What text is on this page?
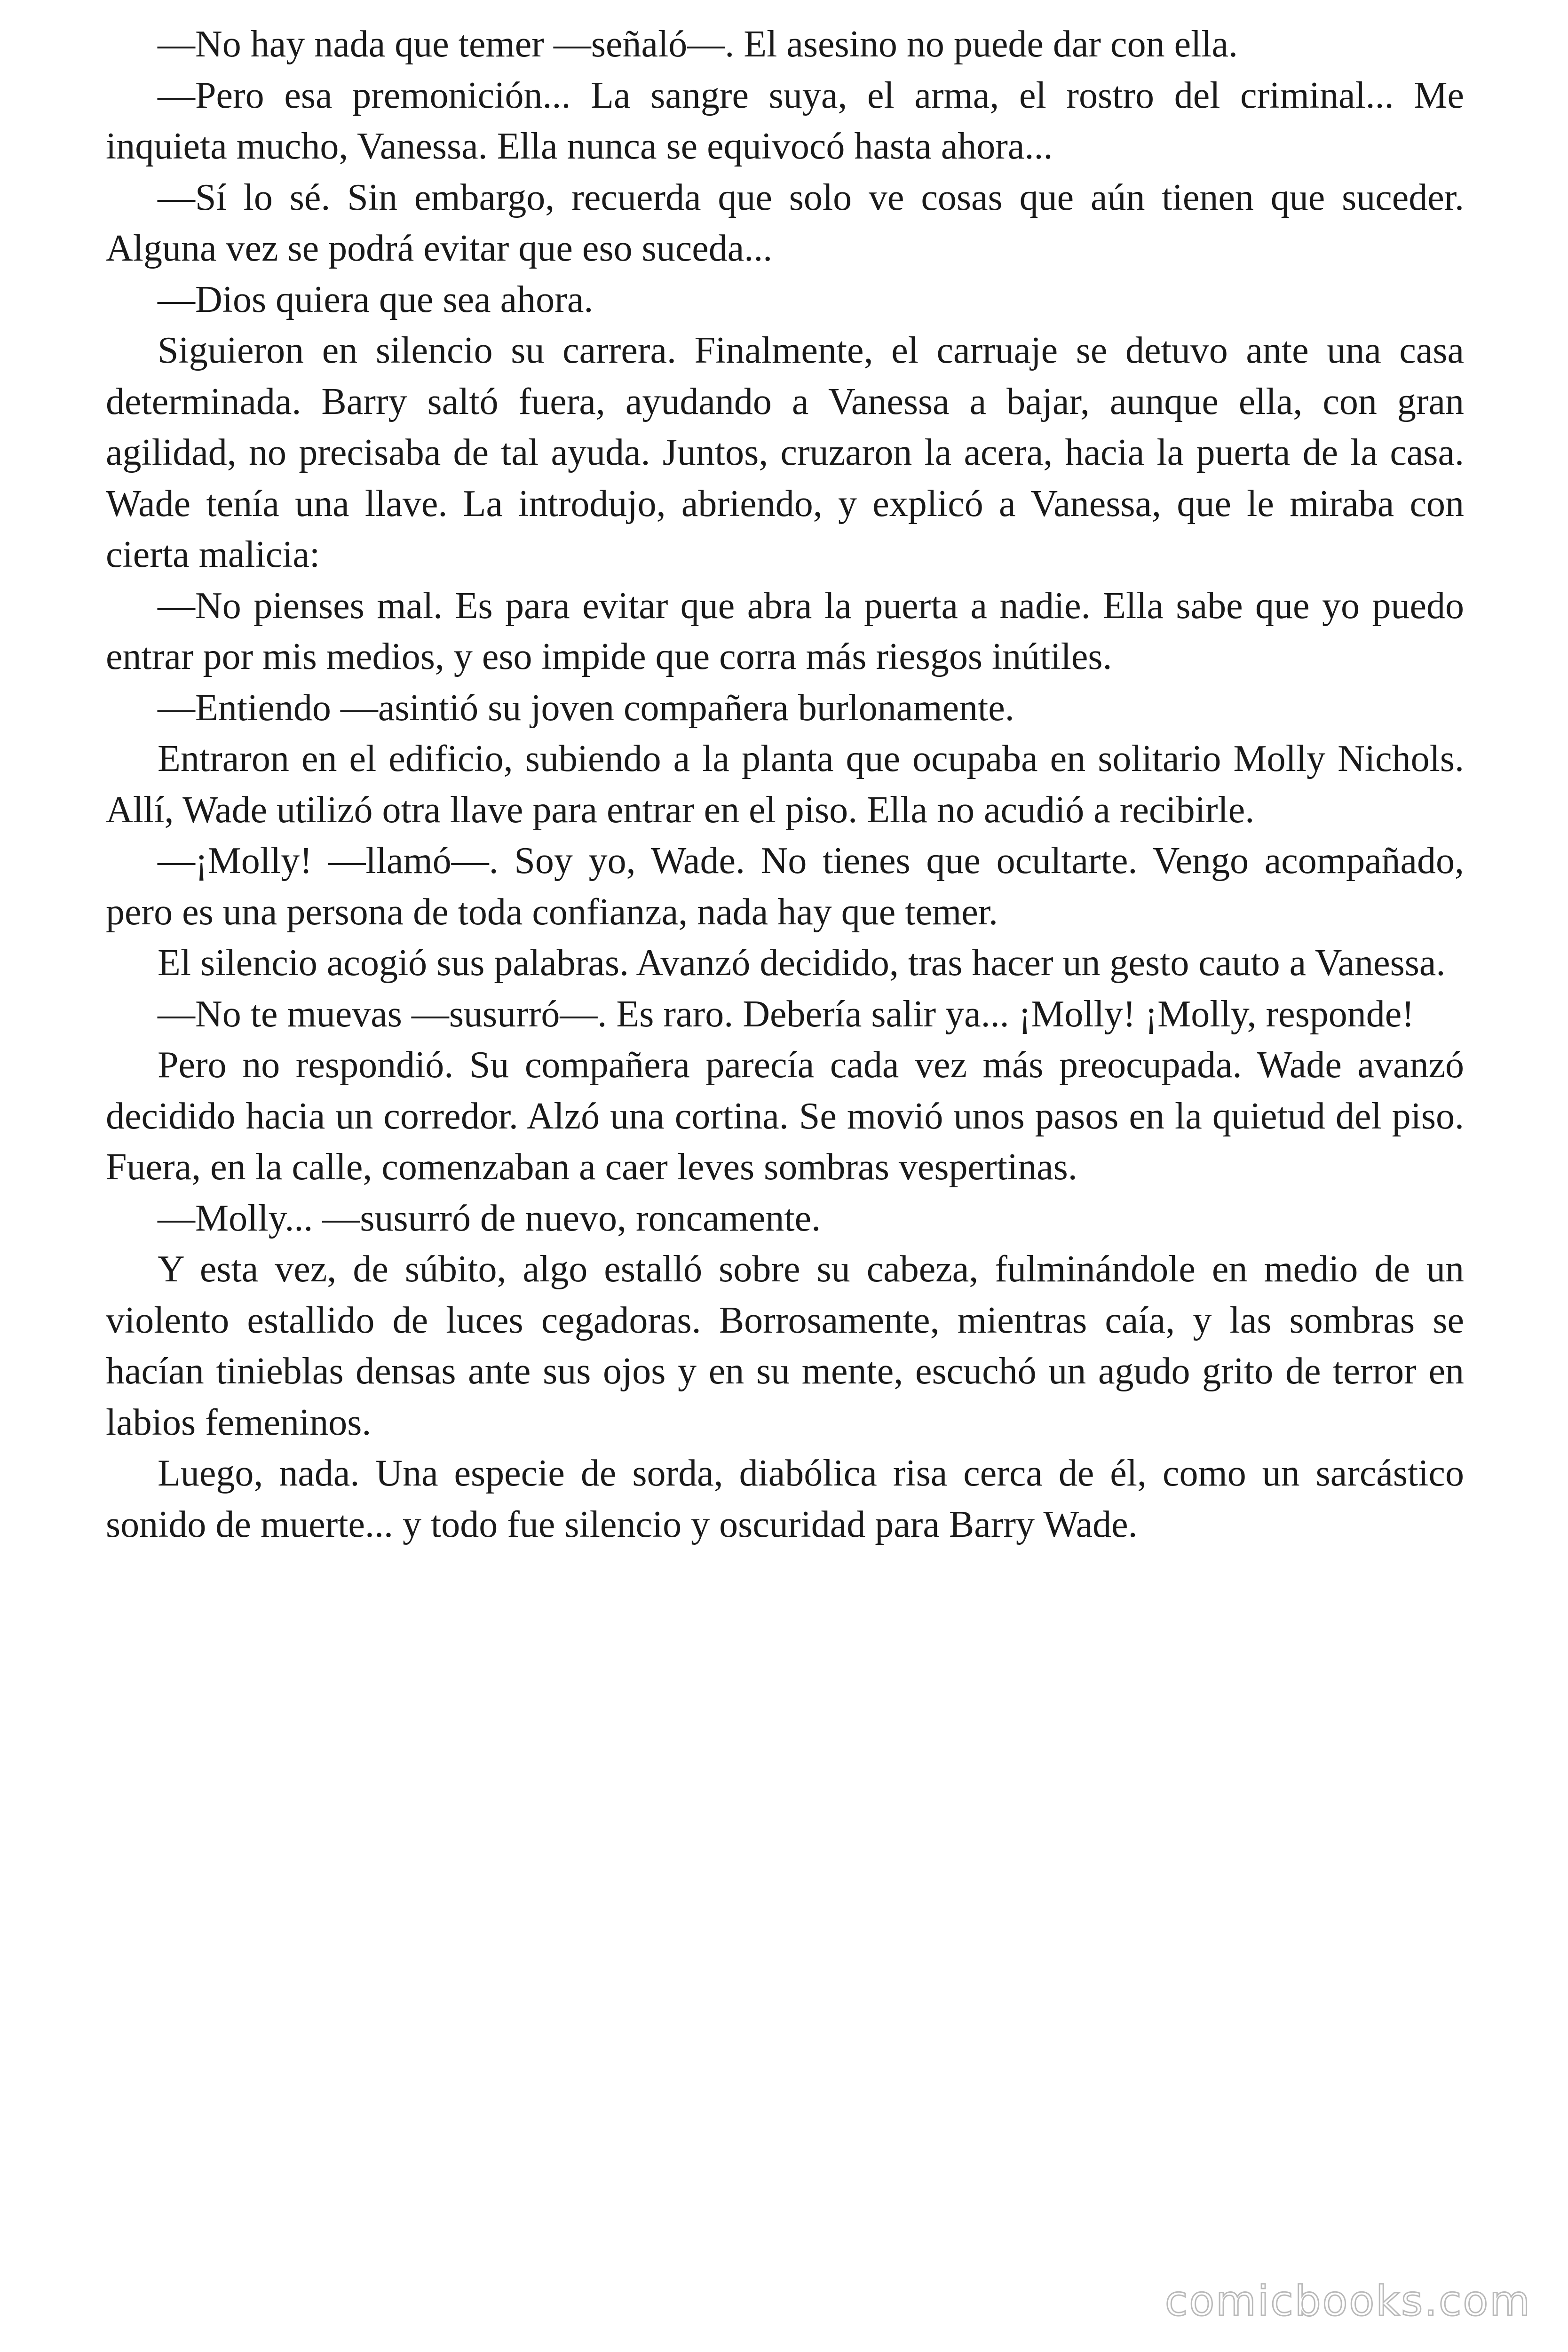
—No hay nada que temer —señaló—. El asesino no puede dar con ella.

—Pero esa premonición... La sangre suya, el arma, el rostro del criminal... Me inquieta mucho, Vanessa. Ella nunca se equivocó hasta ahora...

—Sí lo sé. Sin embargo, recuerda que solo ve cosas que aún tienen que suceder. Alguna vez se podrá evitar que eso suceda...

—Dios quiera que sea ahora.

Siguieron en silencio su carrera. Finalmente, el carruaje se detuvo ante una casa determinada. Barry saltó fuera, ayudando a Vanessa a bajar, aunque ella, con gran agilidad, no precisaba de tal ayuda. Juntos, cruzaron la acera, hacia la puerta de la casa. Wade tenía una llave. La introdujo, abriendo, y explicó a Vanessa, que le miraba con cierta malicia:

—No pienses mal. Es para evitar que abra la puerta a nadie. Ella sabe que yo puedo entrar por mis medios, y eso impide que corra más riesgos inútiles.

—Entiendo —asintió su joven compañera burlonamente.

Entraron en el edificio, subiendo a la planta que ocupaba en solitario Molly Nichols. Allí, Wade utilizó otra llave para entrar en el piso. Ella no acudió a recibirle.

—¡Molly! —llamó—. Soy yo, Wade. No tienes que ocultarte. Vengo acompañado, pero es una persona de toda confianza, nada hay que temer.

El silencio acogió sus palabras. Avanzó decidido, tras hacer un gesto cauto a Vanessa.

—No te muevas —susurró—. Es raro. Debería salir ya... ¡Molly! ¡Molly, responde!

Pero no respondió. Su compañera parecía cada vez más preocupada. Wade avanzó decidido hacia un corredor. Alzó una cortina. Se movió unos pasos en la quietud del piso. Fuera, en la calle, comenzaban a caer leves sombras vespertinas.

—Molly... —susurró de nuevo, roncamente.

Y esta vez, de súbito, algo estalló sobre su cabeza, fulminándole en medio de un violento estallido de luces cegadoras. Borrosamente, mientras caía, y las sombras se hacían tinieblas densas ante sus ojos y en su mente, escuchó un agudo grito de terror en labios femeninos.

Luego, nada. Una especie de sorda, diabólica risa cerca de él, como un sarcástico sonido de muerte... y todo fue silencio y oscuridad para Barry Wade.

comicbooks.com
